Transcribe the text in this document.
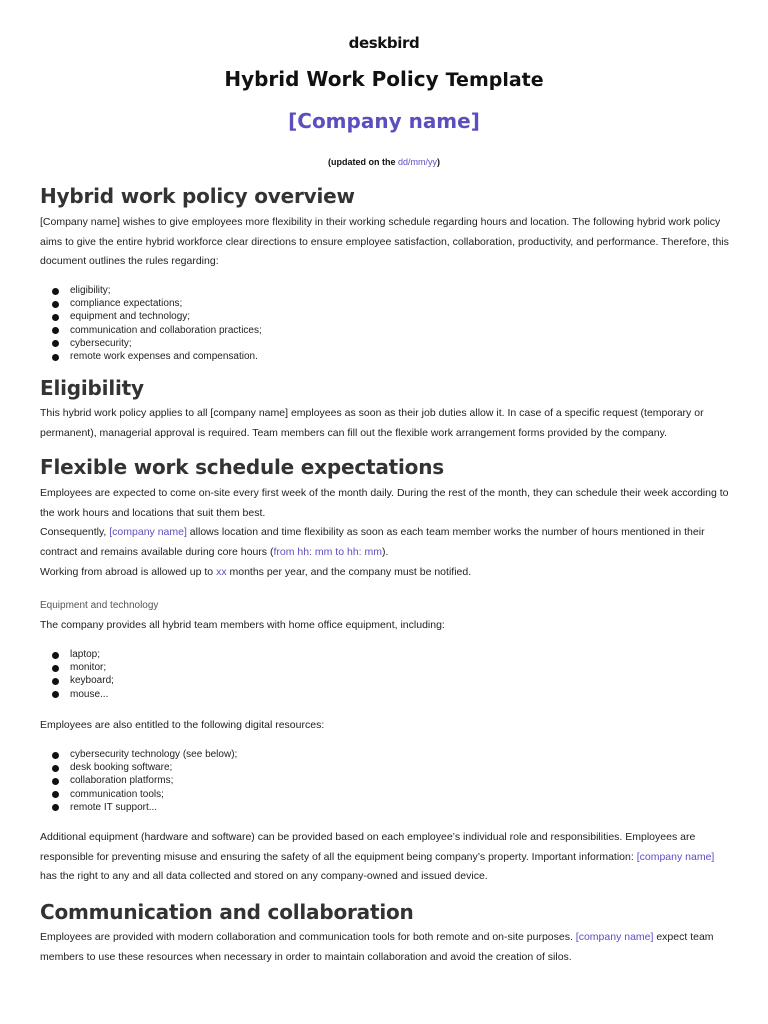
deskbird
Hybrid Work Policy Template
[Company name]
(updated on the dd/mm/yy)
Hybrid work policy overview

[Company name] wishes to give employees more flexibility in their working schedule regarding hours and location. The following hybrid work policy aims to give the entire hybrid workforce clear directions to ensure employee satisfaction, collaboration, productivity, and performance. Therefore, this document outlines the rules regarding:

eligibility;
compliance expectations;
equipment and technology;
communication and collaboration practices;
cybersecurity;
remote work expenses and compensation.
Eligibility

This hybrid work policy applies to all [company name] employees as soon as their job duties allow it. In case of a specific request (temporary or permanent), managerial approval is required. Team members can fill out the flexible work arrangement forms provided by the company.

Flexible work schedule expectations

Employees are expected to come on-site every first week of the month daily. During the rest of the month, they can schedule their week according to the work hours and locations that suit them best.

Consequently, [company name] allows location and time flexibility as soon as each team member works the number of hours mentioned in their contract and remains available during core hours (from hh: mm to hh: mm).

Working from abroad is allowed up to xx months per year, and the company must be notified.

Equipment and technology

The company provides all hybrid team members with home office equipment, including:

laptop;
monitor;
keyboard;
mouse...

Employees are also entitled to the following digital resources:

cybersecurity technology (see below);
desk booking software;
collaboration platforms;
communication tools;
remote IT support...

Additional equipment (hardware and software) can be provided based on each employee’s individual role and responsibilities. Employees are responsible for preventing misuse and ensuring the safety of all the equipment being company’s property. Important information: [company name] has the right to any and all data collected and stored on any company-owned and issued device.

Communication and collaboration

Employees are provided with modern collaboration and communication tools for both remote and on-site purposes. [company name] expect team members to use these resources when necessary in order to maintain collaboration and avoid the creation of silos.
